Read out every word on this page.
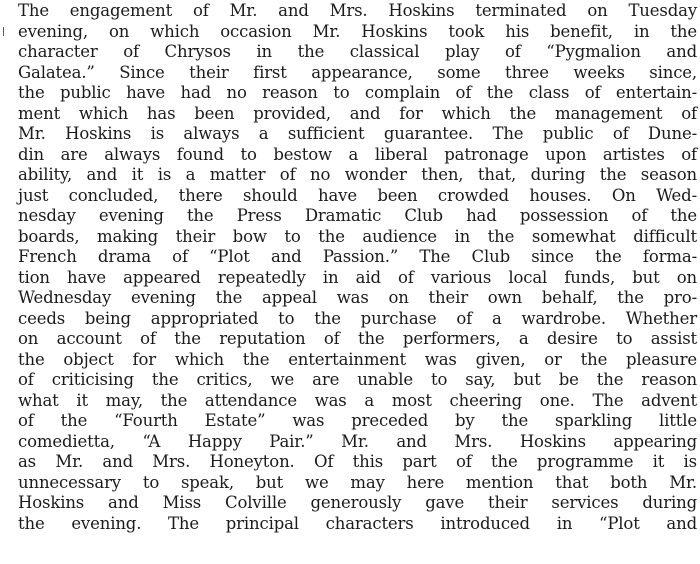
The engagement of Mr. and Mrs. Hoskins terminated on Tuesday
evening, on which occasion Mr. Hoskins took his benefit, in the
character of Chrysos in the classical play of “Pygmalion and
Galatea.” Since their first appearance, some three weeks since,
the public have had no reason to complain of the class of entertain-
ment which has been provided, and for which the management of
Mr. Hoskins is always a sufficient guarantee. The public of Dune-
din are always found to bestow a liberal patronage upon artistes of
ability, and it is a matter of no wonder then, that, during the season
just concluded, there should have been crowded houses. On Wed-
nesday evening the Press Dramatic Club had possession of the
boards, making their bow to the audience in the somewhat difficult
French drama of “Plot and Passion.” The Club since the forma-
tion have appeared repeatedly in aid of various local funds, but on
Wednesday evening the appeal was on their own behalf, the pro-
ceeds being appropriated to the purchase of a wardrobe. Whether
on account of the reputation of the performers, a desire to assist
the object for which the entertainment was given, or the pleasure
of criticising the critics, we are unable to say, but be the reason
what it may, the attendance was a most cheering one. The advent
of the “Fourth Estate” was preceded by the sparkling little
comedietta, “A Happy Pair.” Mr. and Mrs. Hoskins appearing
as Mr. and Mrs. Honeyton. Of this part of the programme it is
unnecessary to speak, but we may here mention that both Mr.
Hoskins and Miss Colville generously gave their services during
the evening. The principal characters introduced in “Plot and
